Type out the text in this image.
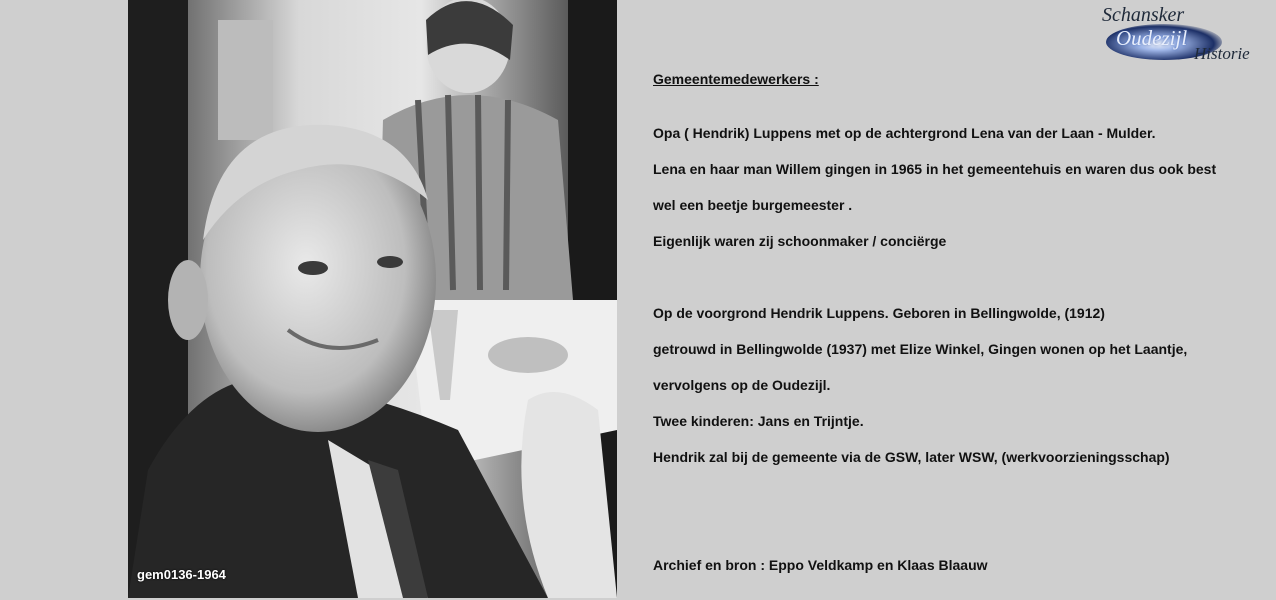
gem0136-1964
Schansker
Oudezijl
Historie
Gemeentemedewerkers :
Opa ( Hendrik) Luppens met op de achtergrond Lena van der Laan - Mulder.
Lena en haar man Willem gingen in 1965 in het gemeentehuis en waren dus ook best
wel een beetje burgemeester .
Eigenlijk waren zij schoonmaker / conciërge
Op de voorgrond Hendrik Luppens. Geboren in Bellingwolde, (1912)
getrouwd in Bellingwolde (1937) met Elize Winkel, Gingen wonen op het Laantje,
vervolgens op de Oudezijl.
Twee kinderen: Jans en Trijntje.
Hendrik zal bij de gemeente via de GSW, later WSW, (werkvoorzieningsschap)
Archief en bron : Eppo Veldkamp en Klaas Blaauw
